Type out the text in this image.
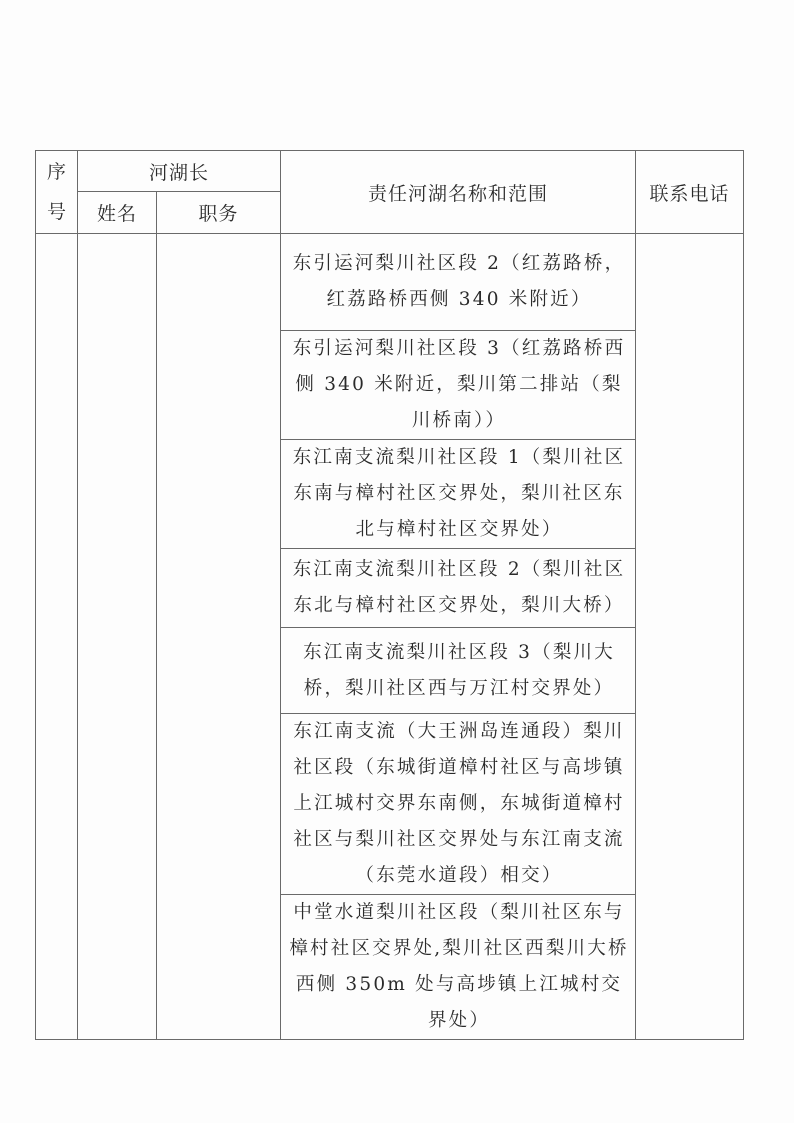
序
号	河湖长		责任河湖名称和范围	联系电话
	姓名	职务		
			东引运河梨川社区段 2（红荔路桥，红荔路桥西侧 340 米附近）	
			东引运河梨川社区段 3（红荔路桥西侧 340 米附近，梨川第二排站（梨川桥南））	
			东江南支流梨川社区段 1（梨川社区东南与樟村社区交界处，梨川社区东北与樟村社区交界处）	
			东江南支流梨川社区段 2（梨川社区东北与樟村社区交界处，梨川大桥）	
			东江南支流梨川社区段 3（梨川大桥，梨川社区西与万江村交界处）	
			东江南支流（大王洲岛连通段）梨川社区段（东城街道樟村社区与高埗镇上江城村交界东南侧，东城街道樟村社区与梨川社区交界处与东江南支流（东莞水道段）相交）	
			中堂水道梨川社区段（梨川社区东与樟村社区交界处,梨川社区西梨川大桥西侧 350m 处与高埗镇上江城村交界处）	
